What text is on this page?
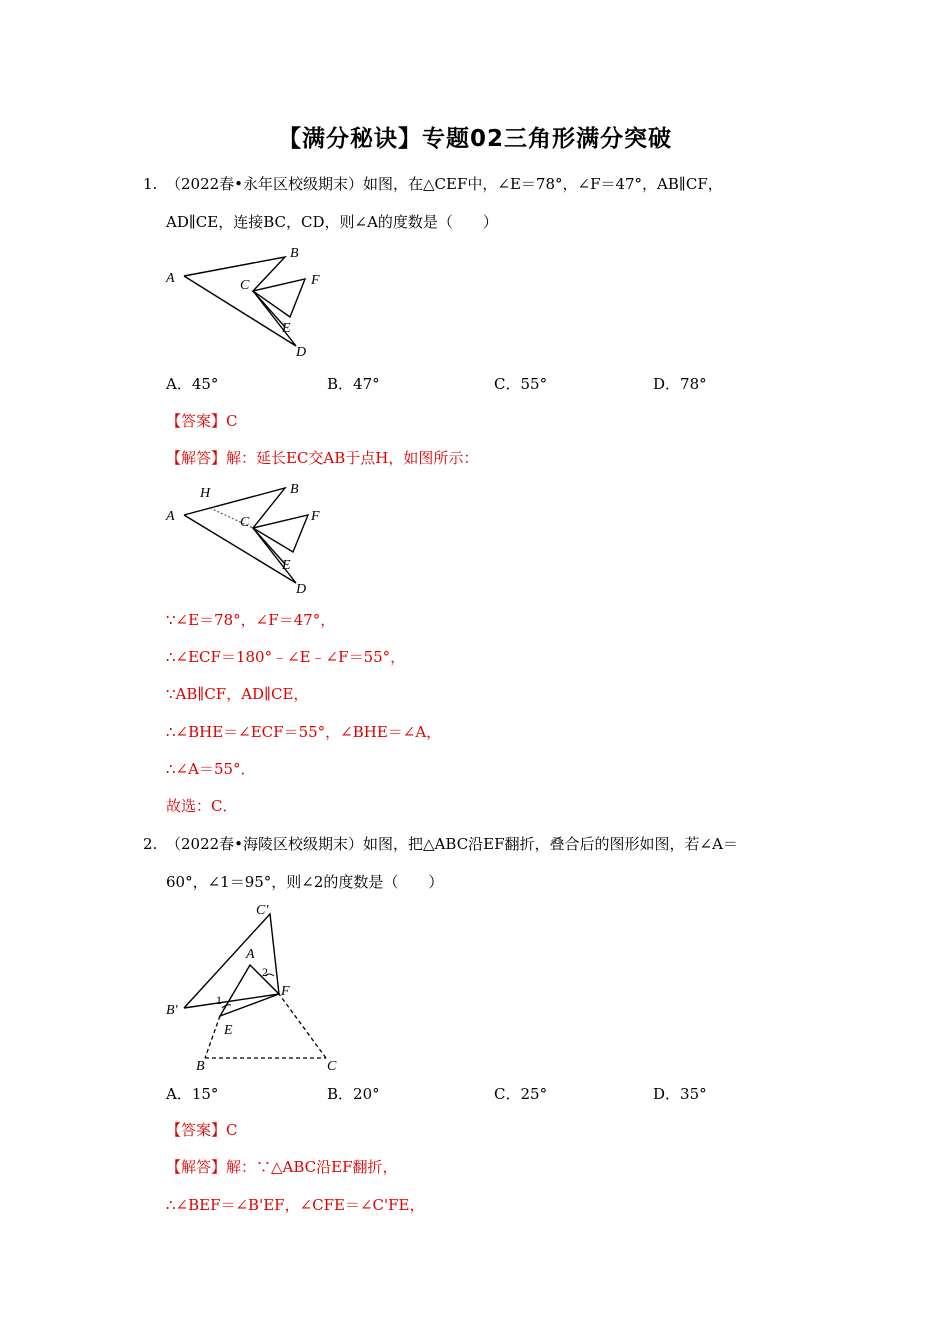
【满分秘诀】专题02三角形满分突破
1. （2022春•永年区校级期末）如图，在△CEF中，∠E＝78°，∠F＝47°，AB∥CF，
AD∥CE，连接BC，CD，则∠A的度数是（　　）
A
B
C	F
E
D
A．45°	B．47°	C．55°	D．78°
【答案】C
【解答】解：延长EC交AB于点H，如图所示：
A
H	B
C	F
E
D
∵∠E＝78°，∠F＝47°，
∴∠ECF＝180°﹣∠E﹣∠F＝55°，
∵AB∥CF，AD∥CE，
∴∠BHE＝∠ECF＝55°，∠BHE＝∠A，
∴∠A＝55°．
故选：C．
2. （2022春•海陵区校级期末）如图，把△ABC沿EF翻折，叠合后的图形如图，若∠A＝
60°，∠1＝95°，则∠2的度数是（　　）
C′
A
2
F
1
B′
E
B	C
A．15°	B．20°	C．25°	D．35°
【答案】C
【解答】解：∵△ABC沿EF翻折，
∴∠BEF＝∠B'EF，∠CFE＝∠C'FE，
